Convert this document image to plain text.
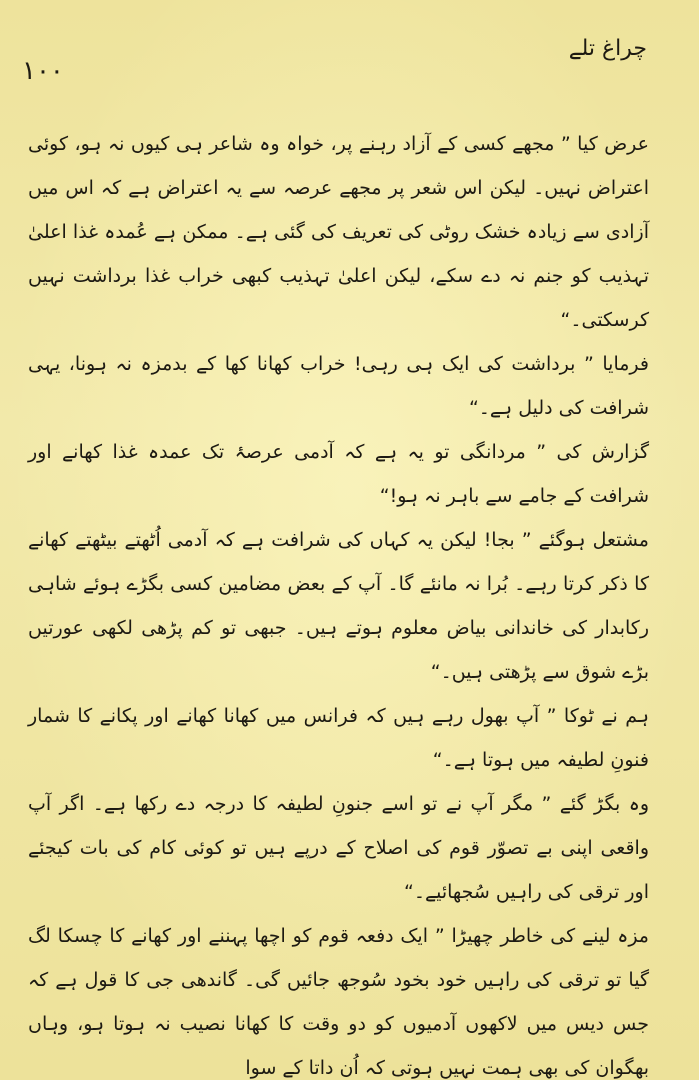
۱۰۰
چراغ تلے

عرض کیا ” مجھے کسی کے آزاد رہنے پر، خواہ وہ شاعر ہی کیوں نہ ہو، کوئی اعتراض نہیں۔ لیکن اس شعر پر مجھے عرصہ سے یہ اعتراض ہے کہ اس میں آزادی سے زیادہ خشک روٹی کی تعریف کی گئی ہے۔ ممکن ہے عُمدہ غذا اعلیٰ تہذیب کو جنم نہ دے سکے، لیکن اعلیٰ تہذیب کبھی خراب غذا برداشت نہیں کرسکتی۔“

فرمایا ” برداشت کی ایک ہی رہی! خراب کھانا کھا کے بدمزہ نہ ہونا، یہی شرافت کی دلیل ہے۔“

گزارش کی ” مردانگی تو یہ ہے کہ آدمی عرصۂ تک عمدہ غذا کھانے اور شرافت کے جامے سے باہر نہ ہو!“

مشتعل ہوگئے ” بجا! لیکن یہ کہاں کی شرافت ہے کہ آدمی اُٹھتے بیٹھتے کھانے کا ذکر کرتا رہے۔ بُرا نہ مانئے گا۔ آپ کے بعض مضامین کسی بگڑے ہوئے شاہی رکابدار کی خاندانی بیاض معلوم ہوتے ہیں۔ جبھی تو کم پڑھی لکھی عورتیں بڑے شوق سے پڑھتی ہیں۔“

ہم نے ٹوکا ” آپ بھول رہے ہیں کہ فرانس میں کھانا کھانے اور پکانے کا شمار فنونِ لطیفہ میں ہوتا ہے۔“

وہ بگڑ گئے ” مگر آپ نے تو اسے جنونِ لطیفہ کا درجہ دے رکھا ہے۔ اگر آپ واقعی اپنی بے تصوّر قوم کی اصلاح کے درپے ہیں تو کوئی کام کی بات کیجئے اور ترقی کی راہیں سُجھائیے۔“

مزہ لینے کی خاطر چھیڑا ” ایک دفعہ قوم کو اچھا پہننے اور کھانے کا چسکا لگ گیا تو ترقی کی راہیں خود بخود سُوجھ جائیں گی۔ گاندھی جی کا قول ہے کہ جس دیس میں لاکھوں آدمیوں کو دو وقت کا کھانا نصیب نہ ہوتا ہو، وہاں بھگوان کی بھی ہمت نہیں ہوتی کہ اُن داتا کے سوا
